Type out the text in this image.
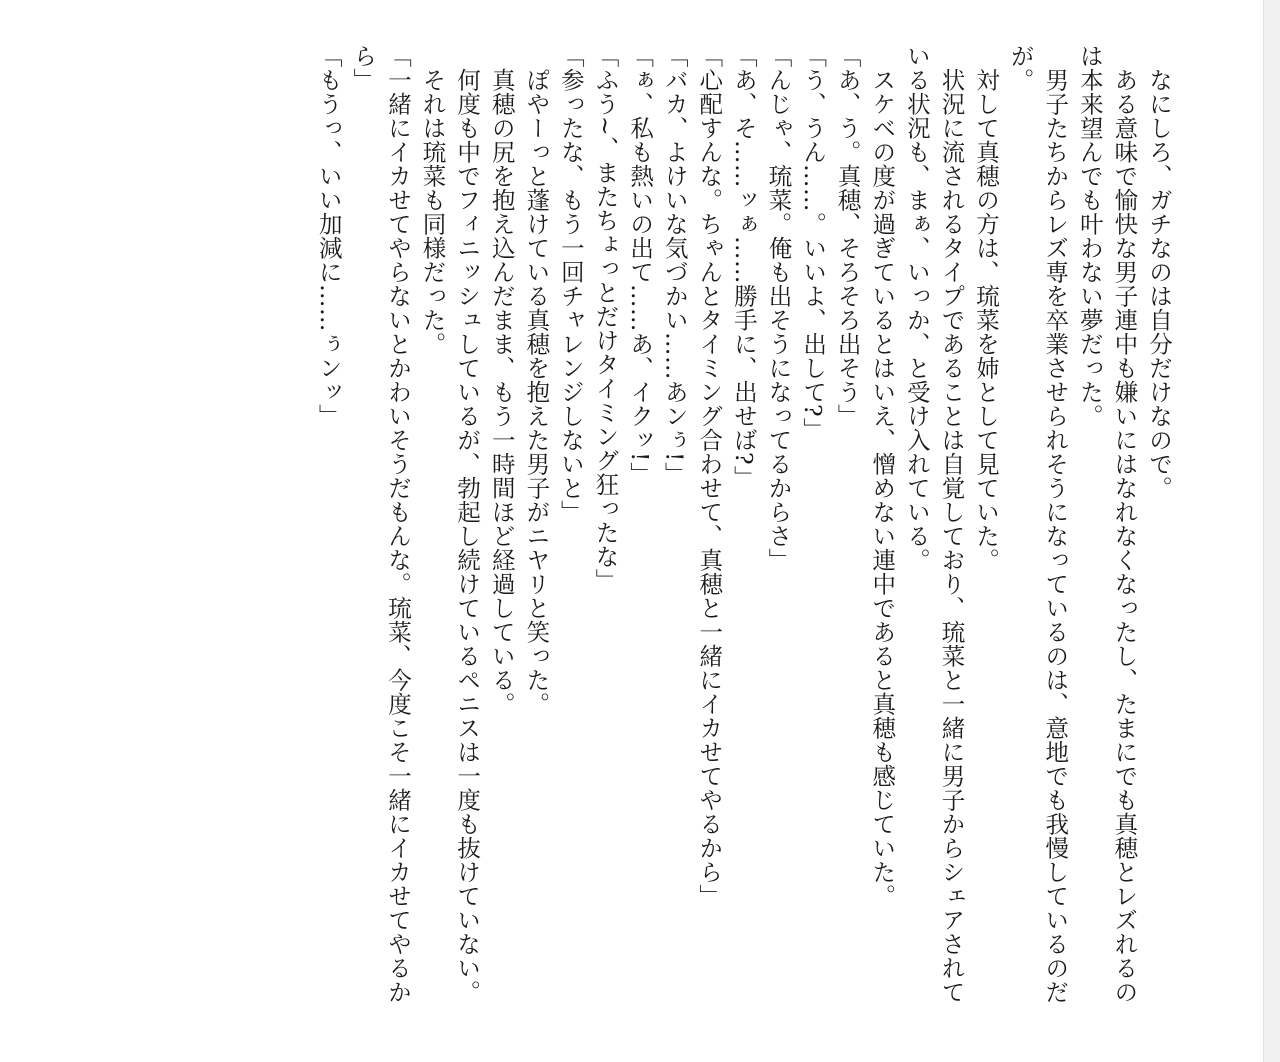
　なにしろ、ガチなのは自分だけなので。

　ある意味で愉快な男子連中も嫌いにはなれなくなったし、たまにでも真穂とレズれるの

は本来望んでも叶わない夢だった。

　男子たちからレズ専を卒業させられそうになっているのは、意地でも我慢しているのだ

が。

　対して真穂の方は、琉菜を姉として見ていた。

　状況に流されるタイプであることは自覚しており、琉菜と一緒に男子からシェアされて

いる状況も、まぁ、いっか、と受け入れている。

　スケベの度が過ぎているとはいえ、憎めない連中であると真穂も感じていた。

「あ、う。真穂、そろそろ出そう」

「う、うん……。いいよ、出して?」

「んじゃ、琉菜。俺も出そうになってるからさ」

「あ、そ……ッぁ……勝手に、出せば?」

「心配すんな。ちゃんとタイミング合わせて、真穂と一緒にイカせてやるから」

「バカ、よけいな気づかい……あンぅ!」

「ぁ、私も熱いの出て……あ、イクッ!」

「ふう~、またちょっとだけタイミング狂ったな」

「参ったな、もう一回チャレンジしないと」

　ぽやーっと蓬けている真穂を抱えた男子がニヤリと笑った。

　真穂の尻を抱え込んだまま、もう一時間ほど経過している。

　何度も中でフィニッシュしているが、勃起し続けているペニスは一度も抜けていない。

　それは琉菜も同様だった。

「一緒にイカせてやらないとかわいそうだもんな。琉菜、今度こそ一緒にイカせてやるか

ら」

「もうっ、いい加減に……ぅンッ」
